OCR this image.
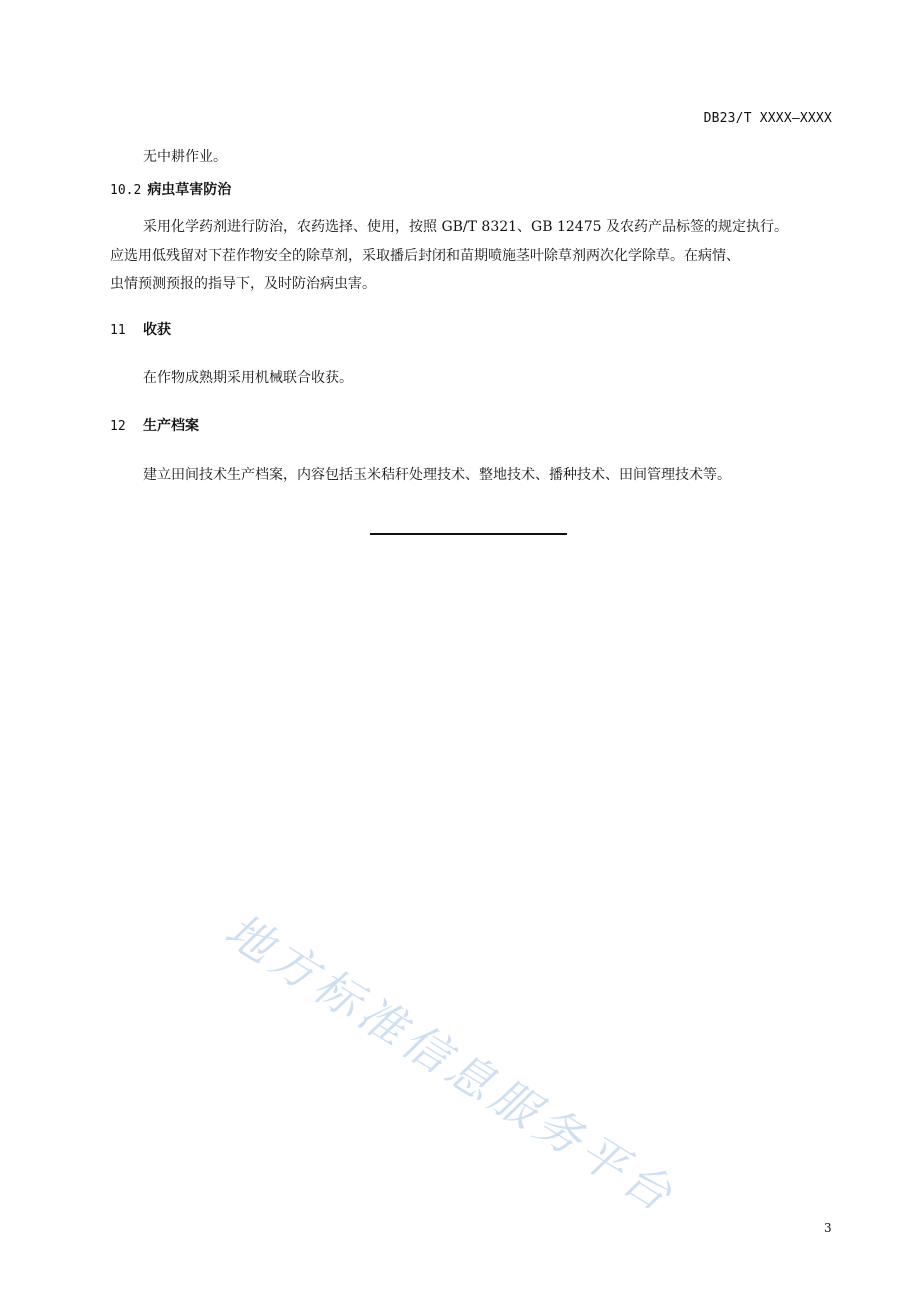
DB23/T XXXX—XXXX
无中耕作业。
10.2 病虫草害防治
采用化学药剂进行防治，农药选择、使用，按照 GB/T 8321、GB 12475 及农药产品标签的规定执行。
应选用低残留对下茬作物安全的除草剂，采取播后封闭和苗期喷施茎叶除草剂两次化学除草。在病情、
虫情预测预报的指导下，及时防治病虫害。
11 收获
在作物成熟期采用机械联合收获。
12 生产档案
建立田间技术生产档案，内容包括玉米秸秆处理技术、整地技术、播种技术、田间管理技术等。
地方标准信息服务平台
3
